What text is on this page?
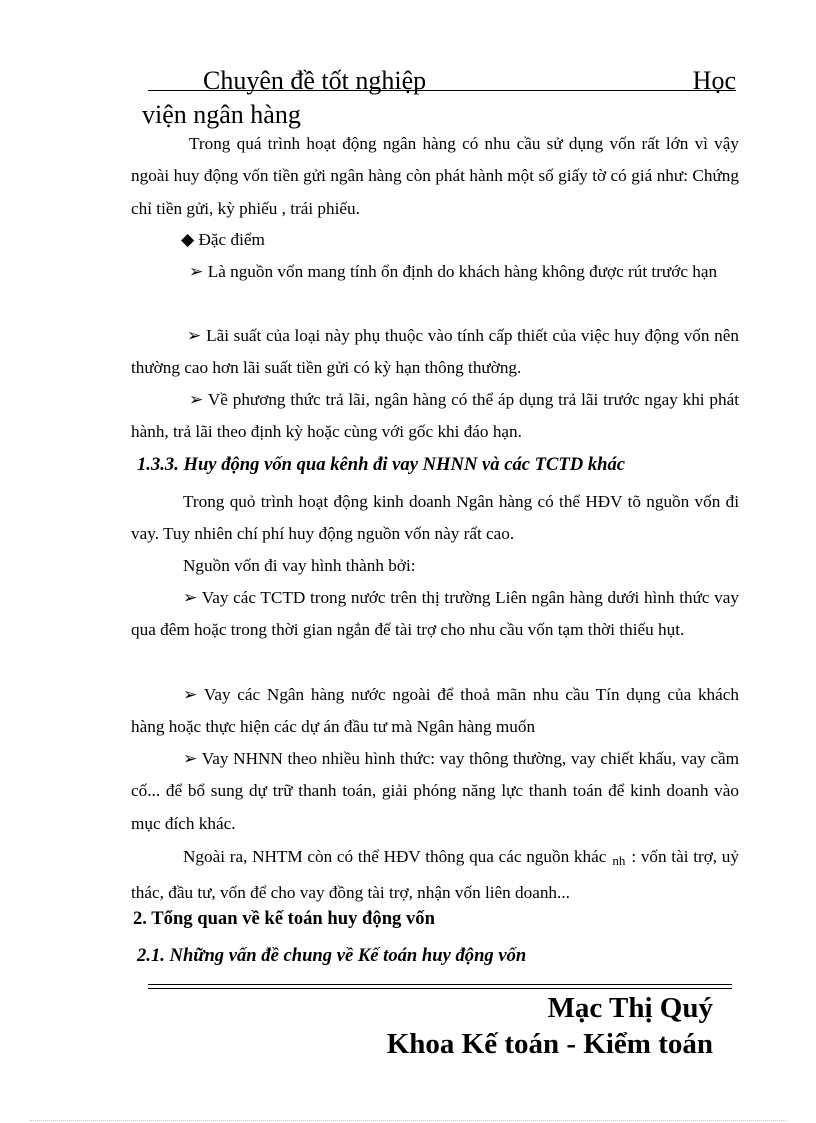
Chuyên đề tốt nghiệp	Học
viện ngân hàng

Trong quá trình hoạt động ngân hàng có nhu cầu sử dụng vốn rất lớn vì vậy ngoài huy động vốn tiền gửi ngân hàng còn phát hành một số giấy tờ có giá như: Chứng chỉ tiền gửi, kỳ phiếu , trái phiếu.

◆ Đặc điểm

➢ Là nguồn vốn mang tính ổn định do khách hàng không được rút trước hạn

➢ Lãi suất của loại này phụ thuộc vào tính cấp thiết của việc huy động vốn nên thường cao hơn lãi suất tiền gửi có kỳ hạn thông thường.

➢ Về phương thức trả lãi, ngân hàng có thể áp dụng trả lãi trước ngay khi phát hành, trả lãi theo định kỳ hoặc cùng với gốc khi đáo hạn.

1.3.3. Huy động vốn qua kênh đi vay NHNN và các TCTD khác

Trong quỏ trình hoạt động kinh doanh Ngân hàng có thể HĐV tõ nguồn vốn đi vay. Tuy nhiên chí phí huy động nguồn vốn này rất cao.

Nguồn vốn đi vay hình thành bởi:

➢ Vay các TCTD trong nước trên thị trường Liên ngân hàng dưới hình thức vay qua đêm hoặc trong thời gian ngắn để tài trợ cho nhu cầu vốn tạm thời thiếu hụt.

➢ Vay các Ngân hàng nước ngoài để thoả mãn nhu cầu Tín dụng của khách hàng hoặc thực hiện các dự án đầu tư mà Ngân hàng muốn

➢ Vay NHNN theo nhiều hình thức: vay thông thường, vay chiết khấu, vay cầm cố... để bổ sung dự trữ thanh toán, giải phóng năng lực thanh toán để kinh doanh vào mục đích khác.

Ngoài ra, NHTM còn có thể HĐV thông qua các nguồn khác nh : vốn tài trợ, uỷ thác, đầu tư, vốn để cho vay đồng tài trợ, nhận vốn liên doanh...

2. Tổng quan về kế toán huy động vốn
2.1. Những vấn đề chung về Kế toán huy động vốn
Mạc Thị Quý
Khoa Kế toán - Kiểm toán
